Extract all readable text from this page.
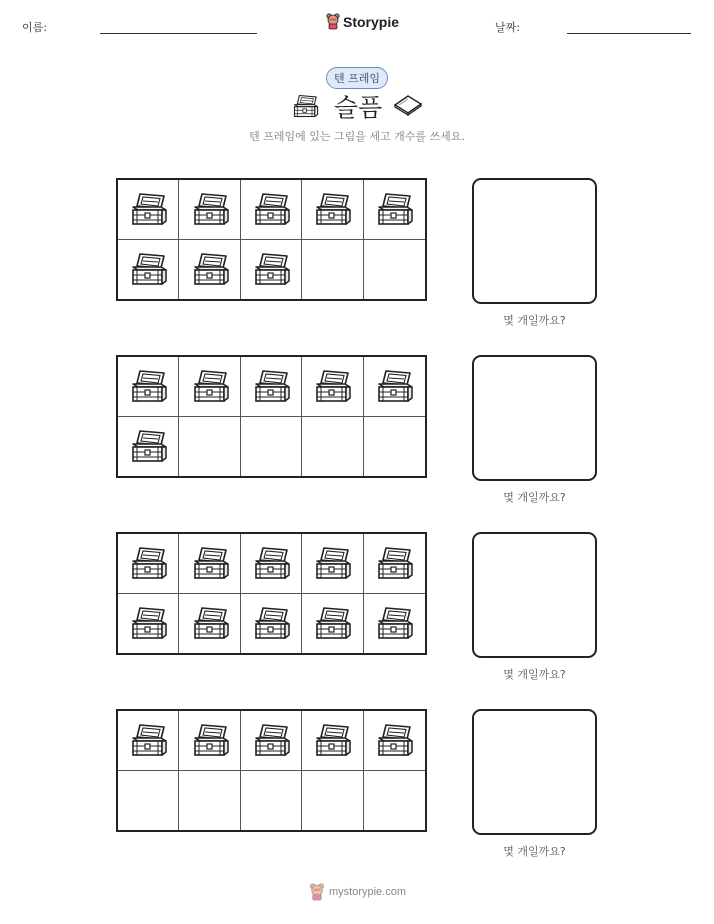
이름:	Storypie	날짜:
텐 프레임
슬픔
텐 프레임에 있는 그림을 세고 개수를 쓰세요.
몇 개일까요?
몇 개일까요?
몇 개일까요?
몇 개일까요?
mystorypie.com
